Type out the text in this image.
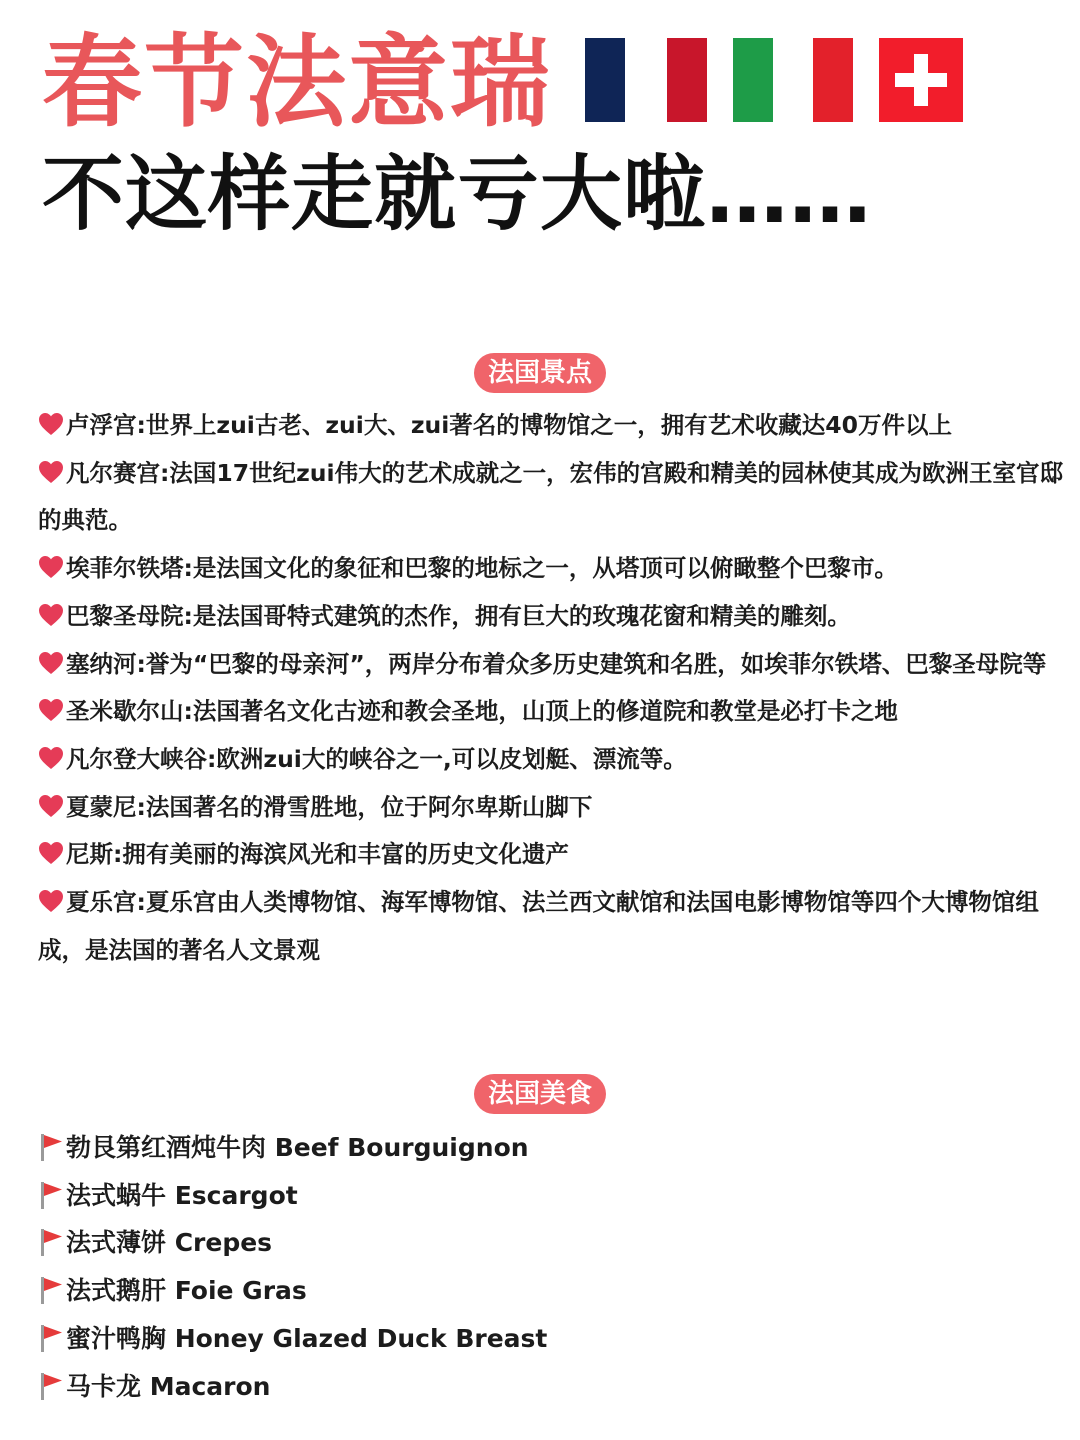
春节法意瑞
不这样走就亏大啦……
法国景点
卢浮宫:世界上zui古老、zui大、zui著名的博物馆之一，拥有艺术收藏达40万件以上
凡尔赛宫:法国17世纪zui伟大的艺术成就之一，宏伟的宫殿和精美的园林使其成为欧洲王室官邸的典范。
埃菲尔铁塔:是法国文化的象征和巴黎的地标之一，从塔顶可以俯瞰整个巴黎市。
巴黎圣母院:是法国哥特式建筑的杰作，拥有巨大的玫瑰花窗和精美的雕刻。
塞纳河:誉为“巴黎的母亲河”，两岸分布着众多历史建筑和名胜，如埃菲尔铁塔、巴黎圣母院等
圣米歇尔山:法国著名文化古迹和教会圣地，山顶上的修道院和教堂是必打卡之地
凡尔登大峡谷:欧洲zui大的峡谷之一,可以皮划艇、漂流等。
夏蒙尼:法国著名的滑雪胜地，位于阿尔卑斯山脚下
尼斯:拥有美丽的海滨风光和丰富的历史文化遗产
夏乐宫:夏乐宫由人类博物馆、海军博物馆、法兰西文献馆和法国电影博物馆等四个大博物馆组成，是法国的著名人文景观
法国美食
勃艮第红酒炖牛肉 Beef Bourguignon
法式蜗牛 Escargot
法式薄饼 Crepes
法式鹅肝 Foie Gras
蜜汁鸭胸 Honey Glazed Duck Breast
马卡龙 Macaron
